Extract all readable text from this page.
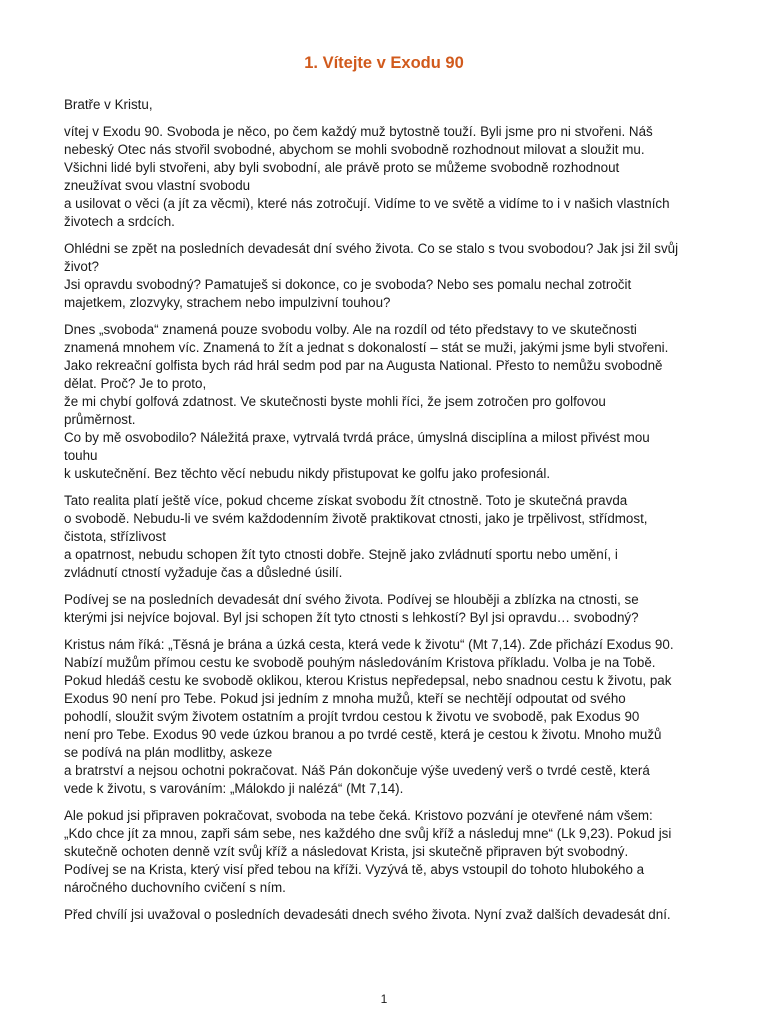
1. Vítejte v Exodu 90
Bratře v Kristu,
vítej v Exodu 90. Svoboda je něco, po čem každý muž bytostně touží. Byli jsme pro ni stvořeni. Náš
nebeský Otec nás stvořil svobodné, abychom se mohli svobodně rozhodnout milovat a sloužit mu.
Všichni lidé byli stvořeni, aby byli svobodní, ale právě proto se můžeme svobodně rozhodnout
zneužívat svou vlastní svobodu
a usilovat o věci (a jít za věcmi), které nás zotročují. Vidíme to ve světě a vidíme to i v našich vlastních
životech a srdcích.
Ohlédni se zpět na posledních devadesát dní svého života. Co se stalo s tvou svobodou? Jak jsi žil svůj
život?
Jsi opravdu svobodný? Pamatuješ si dokonce, co je svoboda? Nebo ses pomalu nechal zotročit
majetkem, zlozvyky, strachem nebo impulzivní touhou?
Dnes „svoboda“ znamená pouze svobodu volby. Ale na rozdíl od této představy to ve skutečnosti
znamená mnohem víc. Znamená to žít a jednat s dokonalostí – stát se muži, jakými jsme byli stvořeni.
Jako rekreační golfista bych rád hrál sedm pod par na Augusta National. Přesto to nemůžu svobodně
dělat. Proč? Je to proto,
že mi chybí golfová zdatnost. Ve skutečnosti byste mohli říci, že jsem zotročen pro golfovou
průměrnost.
Co by mě osvobodilo? Náležitá praxe, vytrvalá tvrdá práce, úmyslná disciplína a milost přivést mou
touhu
k uskutečnění. Bez těchto věcí nebudu nikdy přistupovat ke golfu jako profesionál.
Tato realita platí ještě více, pokud chceme získat svobodu žít ctnostně. Toto je skutečná pravda
o svobodě. Nebudu-li ve svém každodenním životě praktikovat ctnosti, jako je trpělivost, střídmost,
čistota, střízlivost
a opatrnost, nebudu schopen žít tyto ctnosti dobře. Stejně jako zvládnutí sportu nebo umění, i
zvládnutí ctností vyžaduje čas a důsledné úsilí.
Podívej se na posledních devadesát dní svého života. Podívej se hlouběji a zblízka na ctnosti, se
kterými jsi nejvíce bojoval. Byl jsi schopen žít tyto ctnosti s lehkostí? Byl jsi opravdu… svobodný?
Kristus nám říká: „Těsná je brána a úzká cesta, která vede k životu“ (Mt 7,14). Zde přichází Exodus 90.
Nabízí mužům přímou cestu ke svobodě pouhým následováním Kristova příkladu. Volba je na Tobě.
Pokud hledáš cestu ke svobodě oklikou, kterou Kristus nepředepsal, nebo snadnou cestu k životu, pak
Exodus 90 není pro Tebe. Pokud jsi jedním z mnoha mužů, kteří se nechtějí odpoutat od svého
pohodlí, sloužit svým životem ostatním a projít tvrdou cestou k životu ve svobodě, pak Exodus 90
není pro Tebe. Exodus 90 vede úzkou branou a po tvrdé cestě, která je cestou k životu. Mnoho mužů
se podívá na plán modlitby, askeze
a bratrství a nejsou ochotni pokračovat. Náš Pán dokončuje výše uvedený verš o tvrdé cestě, která
vede k životu, s varováním: „Málokdo ji nalézá“ (Mt 7,14).
Ale pokud jsi připraven pokračovat, svoboda na tebe čeká. Kristovo pozvání je otevřené nám všem:
„Kdo chce jít za mnou, zapři sám sebe, nes každého dne svůj kříž a následuj mne“ (Lk 9,23). Pokud jsi
skutečně ochoten denně vzít svůj kříž a následovat Krista, jsi skutečně připraven být svobodný.
Podívej se na Krista, který visí před tebou na kříži. Vyzývá tě, abys vstoupil do tohoto hlubokého a
náročného duchovního cvičení s ním.
Před chvílí jsi uvažoval o posledních devadesáti dnech svého života. Nyní zvaž dalších devadesát dní.
1
